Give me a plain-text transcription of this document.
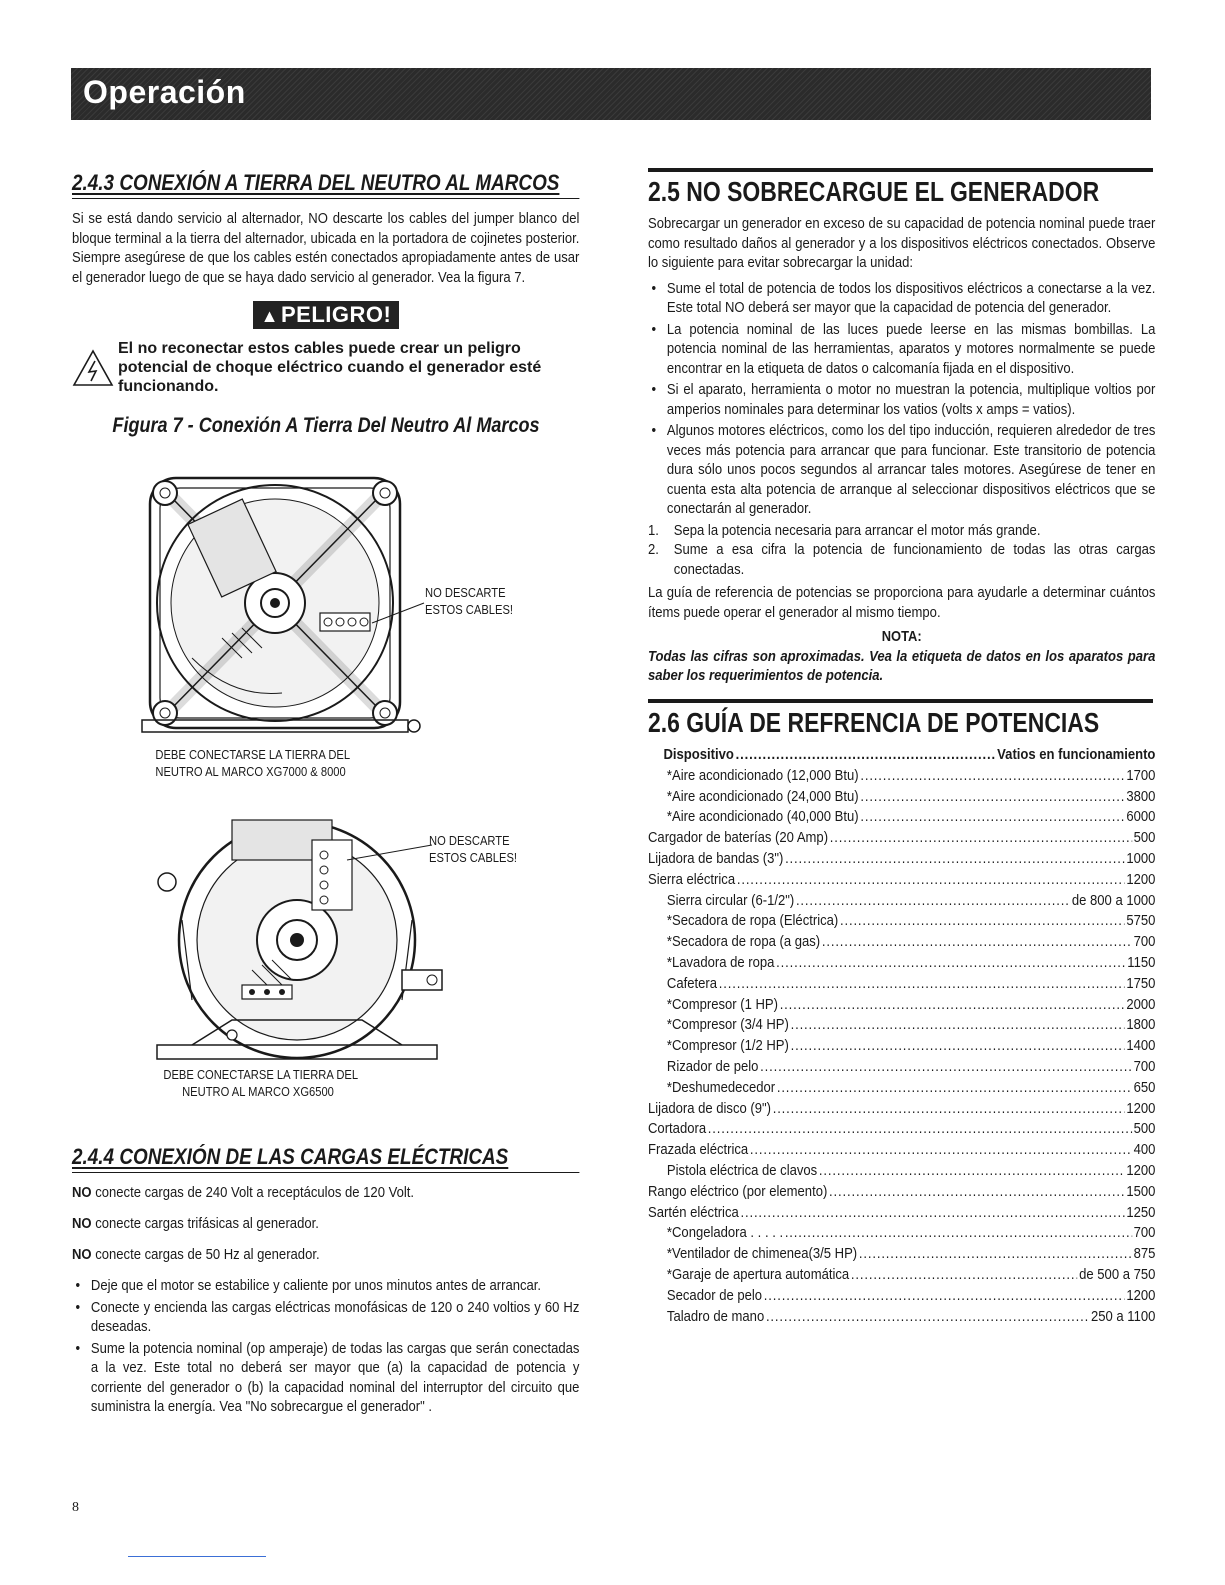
Operación
2.4.3 CONEXIÓN A TIERRA DEL NEUTRO AL MARCOS
Si se está dando servicio al alternador, NO descarte los cables del jumper blanco del bloque terminal a la tierra del alternador, ubicada en la portadora de cojinetes posterior. Siempre asegúrese de que los cables estén conectados apropiadamente antes de usar el generador luego de que se haya dado servicio al generador. Vea la figura 7.
▲PELIGRO!
El no reconectar estos cables puede crear un peligro potencial de choque eléctrico cuando el generador esté funcionando.
Figura 7 - Conexión A Tierra Del Neutro Al Marcos
NO DESCARTE
ESTOS CABLES!
DEBE CONECTARSE LA TIERRA DEL
NEUTRO AL MARCO XG7000 & 8000
NO DESCARTE
ESTOS CABLES!
DEBE CONECTARSE LA TIERRA DEL
NEUTRO AL MARCO XG6500
2.4.4 CONEXIÓN DE LAS CARGAS ELÉCTRICAS
NO conecte cargas de 240 Volt a receptáculos de 120 Volt.
NO conecte cargas trifásicas al generador.
NO conecte cargas de 50 Hz al generador.
• Deje que el motor se estabilice y caliente por unos minutos antes de arrancar.
• Conecte y encienda las cargas eléctricas monofásicas de 120 o 240 voltios y 60 Hz deseadas.
• Sume la potencia nominal (op amperaje) de todas las cargas que serán conectadas a la vez. Este total no deberá ser mayor que (a) la capacidad de potencia y corriente del generador o (b) la capacidad nominal del interruptor del circuito que suministra la energía. Vea "No sobrecargue el generador" .
8
2.5 NO SOBRECARGUE EL GENERADOR
Sobrecargar un generador en exceso de su capacidad de potencia nominal puede traer como resultado daños al generador y a los dispositivos eléctricos conectados. Observe lo siguiente para evitar sobrecargar la unidad:
• Sume el total de potencia de todos los dispositivos eléctricos a conectarse a la vez. Este total NO deberá ser mayor que la capacidad de potencia del generador.
• La potencia nominal de las luces puede leerse en las mismas bombillas. La potencia nominal de las herramientas, aparatos y motores normalmente se puede encontrar en la etiqueta de datos o calcomanía fijada en el dispositivo.
• Si el aparato, herramienta o motor no muestran la potencia, multiplique voltios por amperios nominales para determinar los vatios (volts x amps = vatios).
• Algunos motores eléctricos, como los del tipo inducción, requieren alrededor de tres veces más potencia para arrancar que para funcionar. Este transitorio de potencia dura sólo unos pocos segundos al arrancar tales motores. Asegúrese de tener en cuenta esta alta potencia de arranque al seleccionar dispositivos eléctricos que se conectarán al generador.
1. Sepa la potencia necesaria para arrancar el motor más grande.
2. Sume a esa cifra la potencia de funcionamiento de todas las otras cargas conectadas.
La guía de referencia de potencias se proporciona para ayudarle a determinar cuántos ítems puede operar el generador al mismo tiempo.
NOTA:
Todas las cifras son aproximadas. Vea la etiqueta de datos en los aparatos para saber los requerimientos de potencia.
2.6 GUÍA DE REFRENCIA DE POTENCIAS
Dispositivo .....	Vatios en funcionamiento
*Aire acondicionado (12,000 Btu) .....	1700
*Aire acondicionado (24,000 Btu) .....	3800
*Aire acondicionado (40,000 Btu) .....	6000
Cargador de baterías (20 Amp) .....	500
Lijadora de bandas (3") .....	1000
Sierra eléctrica .....	1200
Sierra circular (6-1/2") .....	de 800 a 1000
*Secadora de ropa (Eléctrica) .....	5750
*Secadora de ropa (a gas) .....	700
*Lavadora de ropa .....	1150
Cafetera .....	1750
*Compresor (1 HP) .....	2000
*Compresor (3/4 HP) .....	1800
*Compresor (1/2 HP) .....	1400
Rizador de pelo .....	700
*Deshumedecedor .....	650
Lijadora de disco (9") .....	1200
Cortadora .....	500
Frazada eléctrica .....	400
Pistola eléctrica de clavos .....	1200
Rango eléctrico (por elemento) .....	1500
Sartén eléctrica .....	1250
*Congeladora . . . . . .....	700
*Ventilador de chimenea(3/5 HP) .....	875
*Garaje de apertura automática .....	de 500 a 750
Secador de pelo .....	1200
Taladro de mano .....	250 a 1100
